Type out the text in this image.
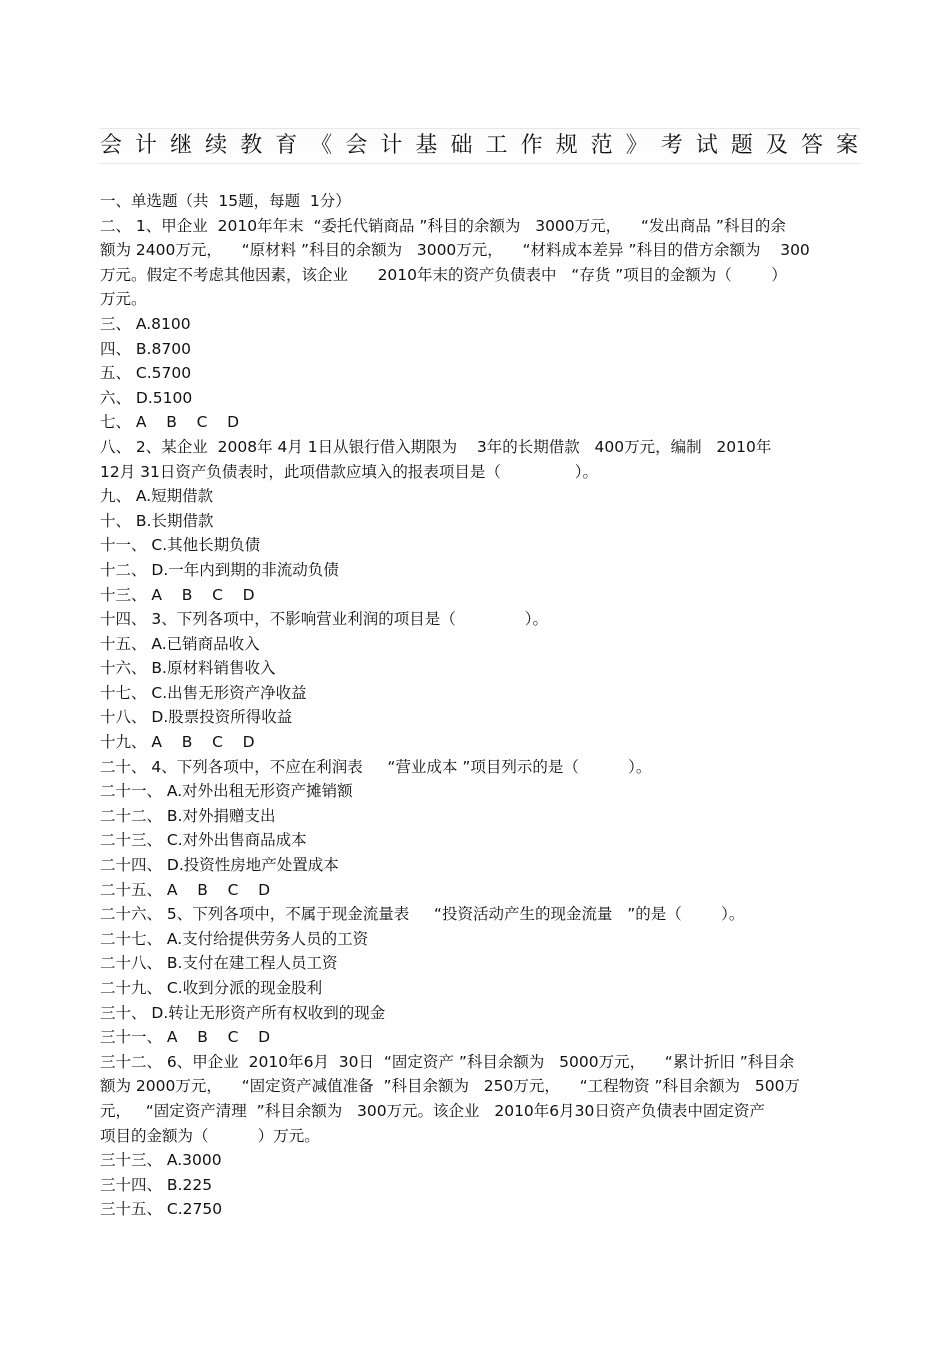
会计继续教育《会计基础工作规范》考试题及答案
一、单选题（共  15题，每题  1分）
二、 1、甲企业  2010年年末  “委托代销商品 ”科目的余额为   3000万元，    “发出商品 ”科目的余
额为 2400万元，    “原材料 ”科目的余额为   3000万元，    “材料成本差异 ”科目的借方余额为    300
万元。假定不考虑其他因素，该企业      2010年末的资产负债表中   “存货 ”项目的金额为（        ）
万元。
三、 A.8100
四、 B.8700
五、 C.5700
六、 D.5100
七、 A    B    C    D
八、 2、某企业  2008年 4月 1日从银行借入期限为    3年的长期借款   400万元，编制   2010年
12月 31日资产负债表时，此项借款应填入的报表项目是（               ）。
九、 A.短期借款
十、 B.长期借款
十一、 C.其他长期负债
十二、 D.一年内到期的非流动负债
十三、 A    B    C    D
十四、 3、下列各项中，不影响营业利润的项目是（              ）。
十五、 A.已销商品收入
十六、 B.原材料销售收入
十七、 C.出售无形资产净收益
十八、 D.股票投资所得收益
十九、 A    B    C    D
二十、 4、下列各项中，不应在利润表     “营业成本 ”项目列示的是（          ）。
二十一、 A.对外出租无形资产摊销额
二十二、 B.对外捐赠支出
二十三、 C.对外出售商品成本
二十四、 D.投资性房地产处置成本
二十五、 A    B    C    D
二十六、 5、下列各项中，不属于现金流量表     “投资活动产生的现金流量   ”的是（        ）。
二十七、 A.支付给提供劳务人员的工资
二十八、 B.支付在建工程人员工资
二十九、 C.收到分派的现金股利
三十、 D.转让无形资产所有权收到的现金
三十一、 A    B    C    D
三十二、 6、甲企业  2010年6月  30日  “固定资产 ”科目余额为   5000万元，    “累计折旧 ”科目余
额为 2000万元，    “固定资产减值准备  ”科目余额为   250万元，    “工程物资 ”科目余额为   500万
元，   “固定资产清理  ”科目余额为   300万元。该企业   2010年6月30日资产负债表中固定资产
项目的金额为（          ）万元。
三十三、 A.3000
三十四、 B.225
三十五、 C.2750
